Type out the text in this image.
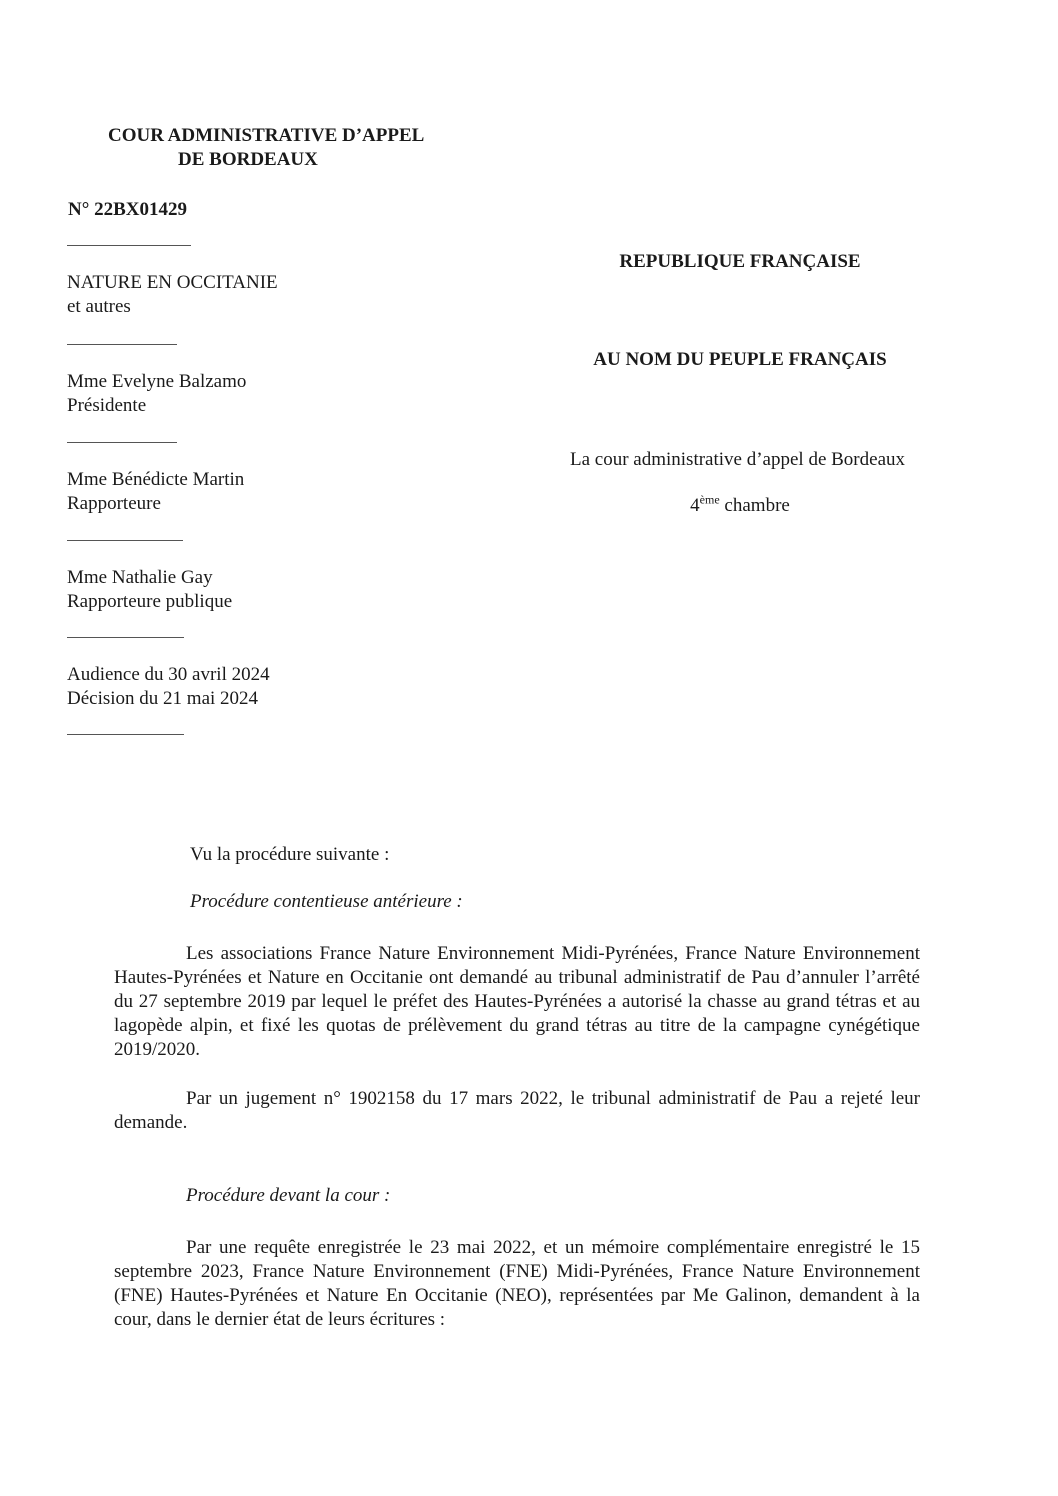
COUR ADMINISTRATIVE D’APPEL
DE BORDEAUX
N° 22BX01429
NATURE EN OCCITANIE
et autres
Mme Evelyne Balzamo
Présidente
Mme Bénédicte Martin
Rapporteure
Mme Nathalie Gay
Rapporteure publique
Audience du 30 avril 2024
Décision du 21 mai 2024
REPUBLIQUE FRANÇAISE
AU NOM DU PEUPLE FRANÇAIS
La cour administrative d’appel de Bordeaux
4ème chambre
Vu la procédure suivante :
Procédure contentieuse antérieure :
Les associations France Nature Environnement Midi-Pyrénées, France Nature Environnement Hautes-Pyrénées et Nature en Occitanie ont demandé au tribunal administratif de Pau d’annuler l’arrêté du 27 septembre 2019 par lequel le préfet des Hautes-Pyrénées a autorisé la chasse au grand tétras et au lagopède alpin, et fixé les quotas de prélèvement du grand tétras au titre de la campagne cynégétique 2019/2020.
Par un jugement n° 1902158 du 17 mars 2022, le tribunal administratif de Pau a rejeté leur demande.
Procédure devant la cour :
Par une requête enregistrée le 23 mai 2022, et un mémoire complémentaire enregistré le 15 septembre 2023, France Nature Environnement (FNE) Midi-Pyrénées, France Nature Environnement (FNE) Hautes-Pyrénées et Nature En Occitanie (NEO), représentées par Me Galinon, demandent à la cour, dans le dernier état de leurs écritures :
